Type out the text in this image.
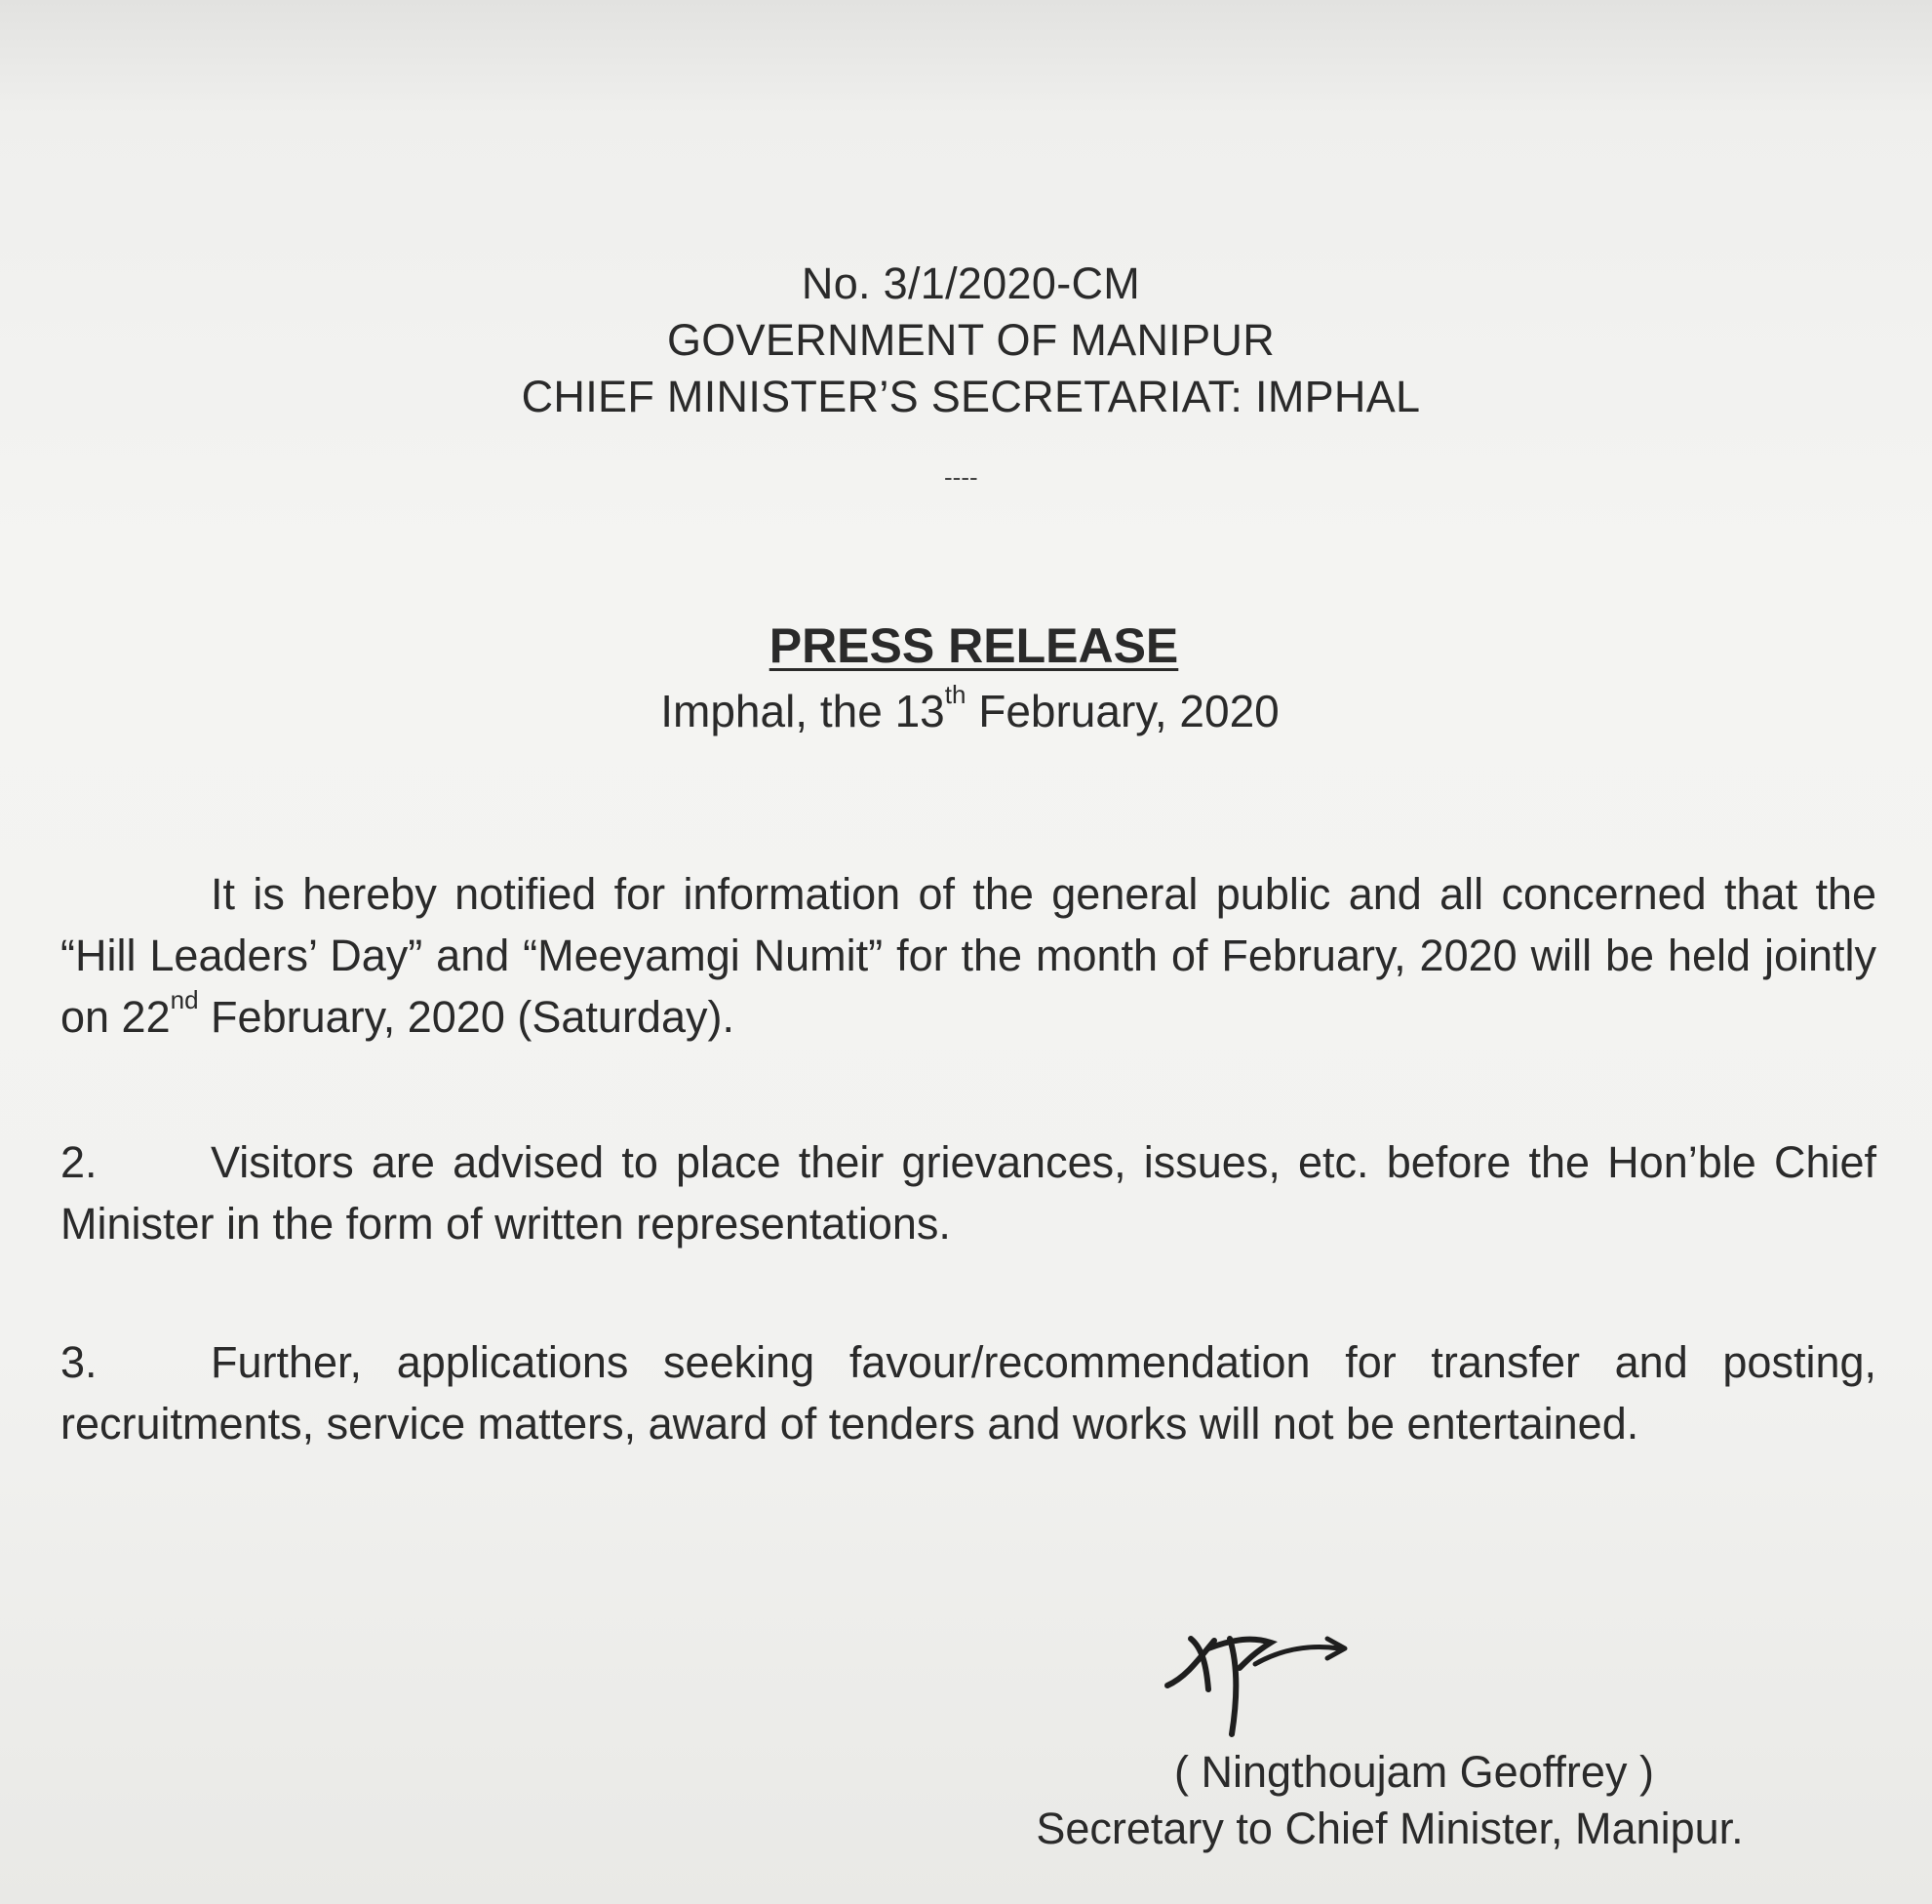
No. 3/1/2020-CM
GOVERNMENT OF MANIPUR
CHIEF MINISTER’S SECRETARIAT: IMPHAL
----
PRESS RELEASE
Imphal, the 13th February, 2020
It is hereby notified for information of the general public and all concerned that the “Hill Leaders’ Day” and “Meeyamgi Numit” for the month of February, 2020 will be held jointly on 22nd February, 2020 (Saturday).
2.	Visitors are advised to place their grievances, issues, etc. before the Hon’ble Chief Minister in the form of written representations.
3.	Further, applications seeking favour/recommendation for transfer and posting, recruitments, service matters, award of tenders and works will not be entertained.
( Ningthoujam Geoffrey )
Secretary to Chief Minister, Manipur.
